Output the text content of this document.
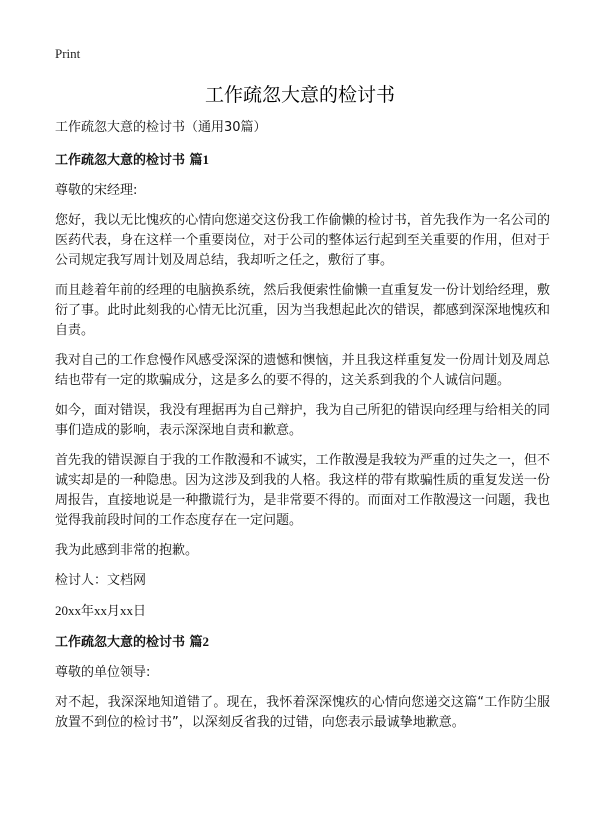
Print
工作疏忽大意的检讨书

工作疏忽大意的检讨书（通用30篇）

工作疏忽大意的检讨书 篇1

尊敬的宋经理:

您好，我以无比愧疚的心情向您递交这份我工作偷懒的检讨书，首先我作为一名公司的医药代表，身在这样一个重要岗位，对于公司的整体运行起到至关重要的作用，但对于公司规定我写周计划及周总结，我却听之任之，敷衍了事。

而且趁着年前的经理的电脑换系统，然后我便索性偷懒一直重复发一份计划给经理，敷衍了事。此时此刻我的心情无比沉重，因为当我想起此次的错误，都感到深深地愧疚和自责。

我对自己的工作怠慢作风感受深深的遗憾和懊恼，并且我这样重复发一份周计划及周总结也带有一定的欺骗成分，这是多么的要不得的，这关系到我的个人诚信问题。

如今，面对错误，我没有理据再为自己辩护，我为自己所犯的错误向经理与给相关的同事们造成的影响，表示深深地自责和歉意。

首先我的错误源自于我的工作散漫和不诚实，工作散漫是我较为严重的过失之一，但不诚实却是的一种隐患。因为这涉及到我的人格。我这样的带有欺骗性质的重复发送一份周报告，直接地说是一种撒谎行为，是非常要不得的。而面对工作散漫这一问题，我也觉得我前段时间的工作态度存在一定问题。

我为此感到非常的抱歉。

检讨人：文档网

20xx年xx月xx日

工作疏忽大意的检讨书 篇2

尊敬的单位领导:

对不起，我深深地知道错了。现在，我怀着深深愧疚的心情向您递交这篇“工作防尘服放置不到位的检讨书”，以深刻反省我的过错，向您表示最诚挚地歉意。
